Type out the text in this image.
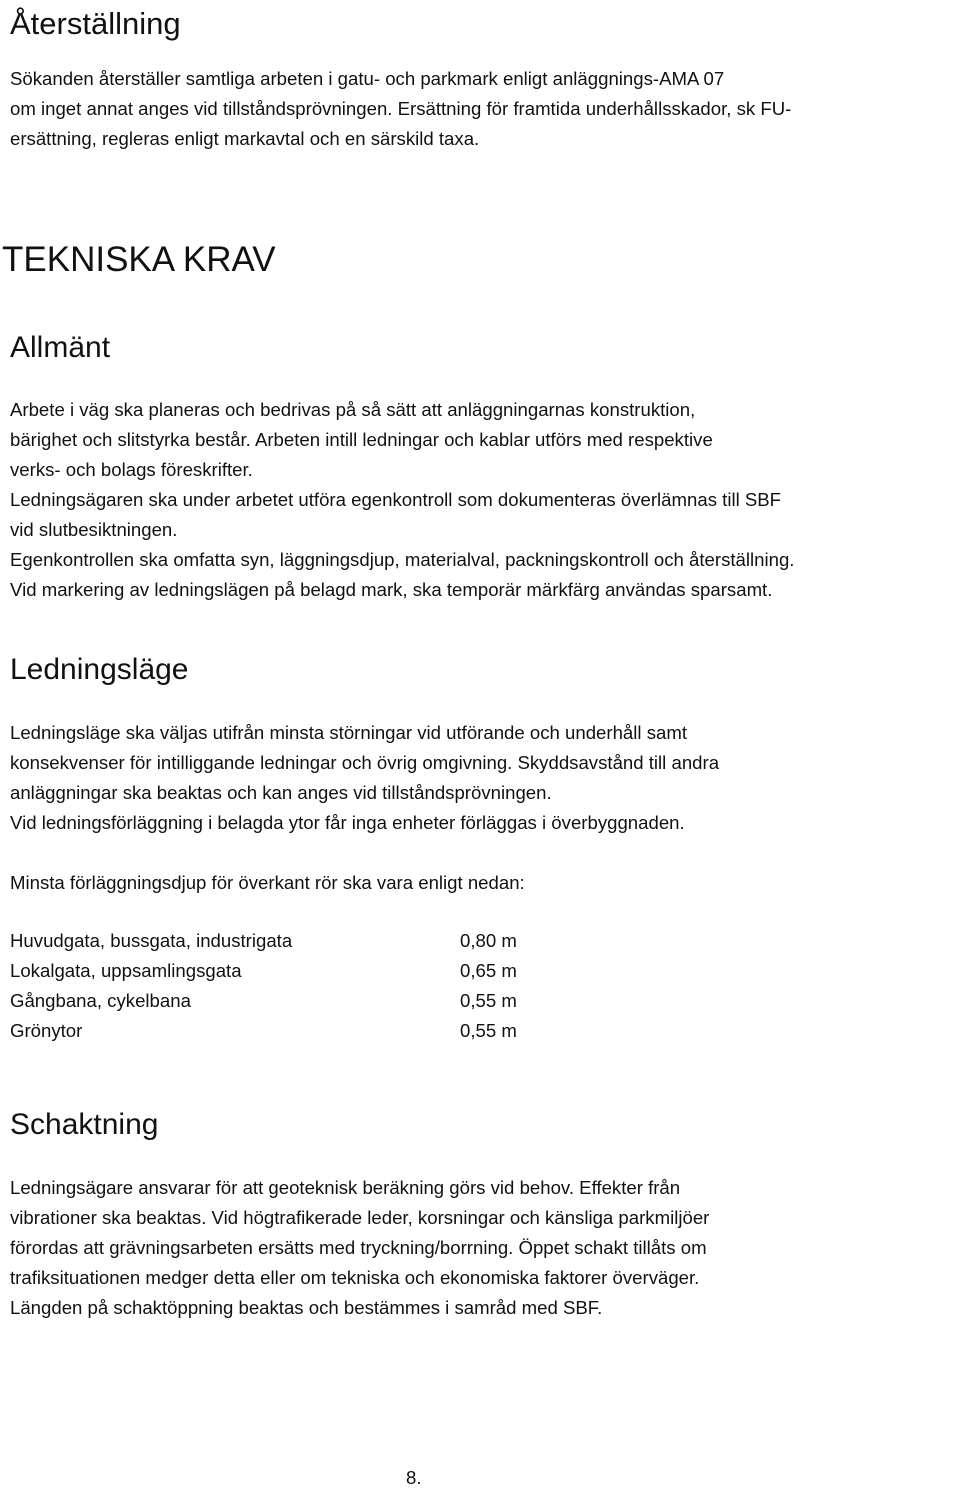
Återställning
Sökanden återställer samtliga arbeten i gatu- och parkmark enligt anläggnings-AMA 07
om inget annat anges vid tillståndsprövningen. Ersättning för framtida underhållsskador, sk FU-
ersättning, regleras enligt markavtal och en särskild taxa.
TEKNISKA KRAV
Allmänt
Arbete i väg ska planeras och bedrivas på så sätt att anläggningarnas konstruktion,
bärighet och slitstyrka består. Arbeten intill ledningar och kablar utförs med respektive
verks- och bolags föreskrifter.
Ledningsägaren ska under arbetet utföra egenkontroll som dokumenteras överlämnas till SBF
vid slutbesiktningen.
Egenkontrollen ska omfatta syn, läggningsdjup, materialval, packningskontroll och återställning.
Vid markering av ledningslägen på belagd mark, ska temporär märkfärg användas sparsamt.
Ledningsläge
Ledningsläge ska väljas utifrån minsta störningar vid utförande och underhåll samt
konsekvenser för intilliggande ledningar och övrig omgivning. Skyddsavstånd till andra
anläggningar ska beaktas och kan anges vid tillståndsprövningen.
Vid ledningsförläggning i belagda ytor får inga enheter förläggas i överbyggnaden.
Minsta förläggningsdjup för överkant rör ska vara enligt nedan:
Huvudgata, bussgata, industrigata	0,80 m
Lokalgata, uppsamlingsgata	0,65 m
Gångbana, cykelbana	0,55 m
Grönytor	0,55 m
Schaktning
Ledningsägare ansvarar för att geoteknisk beräkning görs vid behov. Effekter från
vibrationer ska beaktas. Vid högtrafikerade leder, korsningar och känsliga parkmiljöer
förordas att grävningsarbeten ersätts med tryckning/borrning. Öppet schakt tillåts om
trafiksituationen medger detta eller om tekniska och ekonomiska faktorer överväger.
Längden på schaktöppning beaktas och bestämmes i samråd med SBF.
8.
